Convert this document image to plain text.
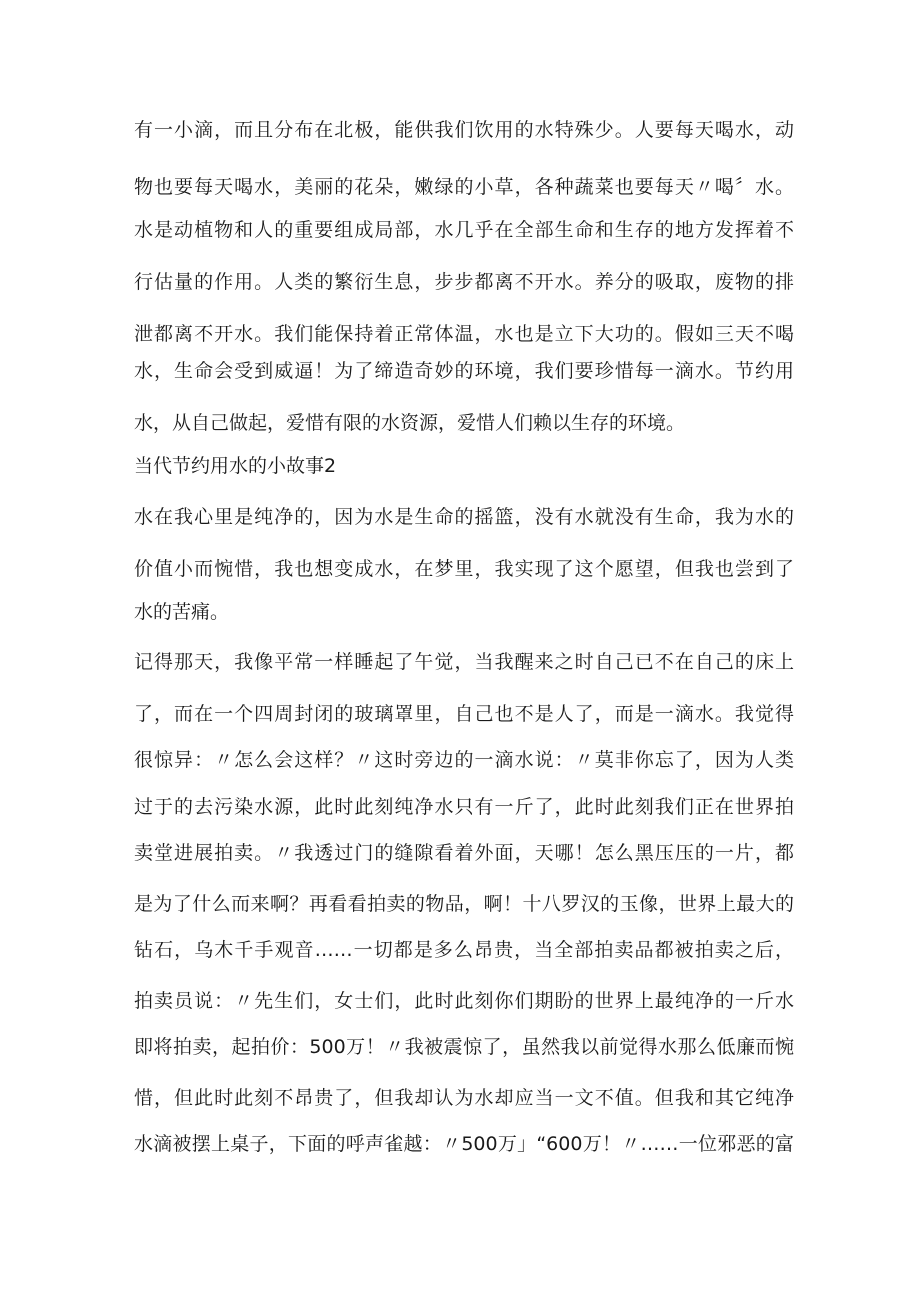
有一小滴，而且分布在北极，能供我们饮用的水特殊少。人要每天喝水，动
物也要每天喝水，美丽的花朵，嫩绿的小草，各种蔬菜也要每天〃喝〞水。
水是动植物和人的重要组成局部，水几乎在全部生命和生存的地方发挥着不
行估量的作用。人类的繁衍生息，步步都离不开水。养分的吸取，废物的排
泄都离不开水。我们能保持着正常体温，水也是立下大功的。假如三天不喝
水，生命会受到威逼！为了缔造奇妙的环境，我们要珍惜每一滴水。节约用
水，从自己做起，爱惜有限的水资源，爱惜人们赖以生存的环境。
当代节约用水的小故事2
水在我心里是纯净的，因为水是生命的摇篮，没有水就没有生命，我为水的
价值小而惋惜，我也想变成水，在梦里，我实现了这个愿望，但我也尝到了
水的苦痛。
记得那天，我像平常一样睡起了午觉，当我醒来之时自己已不在自己的床上
了，而在一个四周封闭的玻璃罩里，自己也不是人了，而是一滴水。我觉得
很惊异：〃怎么会这样？〃这时旁边的一滴水说：〃莫非你忘了，因为人类
过于的去污染水源，此时此刻纯净水只有一斤了，此时此刻我们正在世界拍
卖堂进展拍卖。〃我透过门的缝隙看着外面，天哪！怎么黑压压的一片，都
是为了什么而来啊？再看看拍卖的物品，啊！十八罗汉的玉像，世界上最大的
钻石，乌木千手观音……一切都是多么昂贵，当全部拍卖品都被拍卖之后，
拍卖员说：〃先生们，女士们，此时此刻你们期盼的世界上最纯净的一斤水
即将拍卖，起拍价：500万！〃我被震惊了，虽然我以前觉得水那么低廉而惋
惜，但此时此刻不昂贵了，但我却认为水却应当一文不值。但我和其它纯净
水滴被摆上桌子，下面的呼声雀越：〃500万」“600万！〃……一位邪恶的富
